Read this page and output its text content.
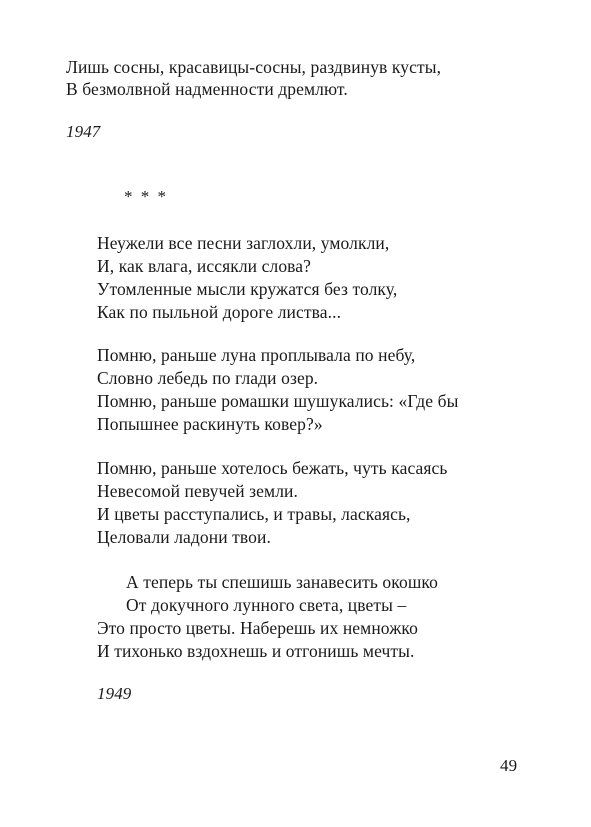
Лишь сосны, красавицы-сосны, раздвинув кусты,
В безмолвной надменности дремлют.
1947
* * *
Неужели все песни заглохли, умолкли,
И, как влага, иссякли слова?
Утомленные мысли кружатся без толку,
Как по пыльной дороге листва...
Помню, раньше луна проплывала по небу,
Словно лебедь по глади озер.
Помню, раньше ромашки шушукались: «Где бы
Попышнее раскинуть ковер?»
Помню, раньше хотелось бежать, чуть касаясь
Невесомой певучей земли.
И цветы расступались, и травы, ласкаясь,
Целовали ладони твои.
А теперь ты спешишь занавесить окошко
От докучного лунного света, цветы –
Это просто цветы. Наберешь их немножко
И тихонько вздохнешь и отгонишь мечты.
1949
49
